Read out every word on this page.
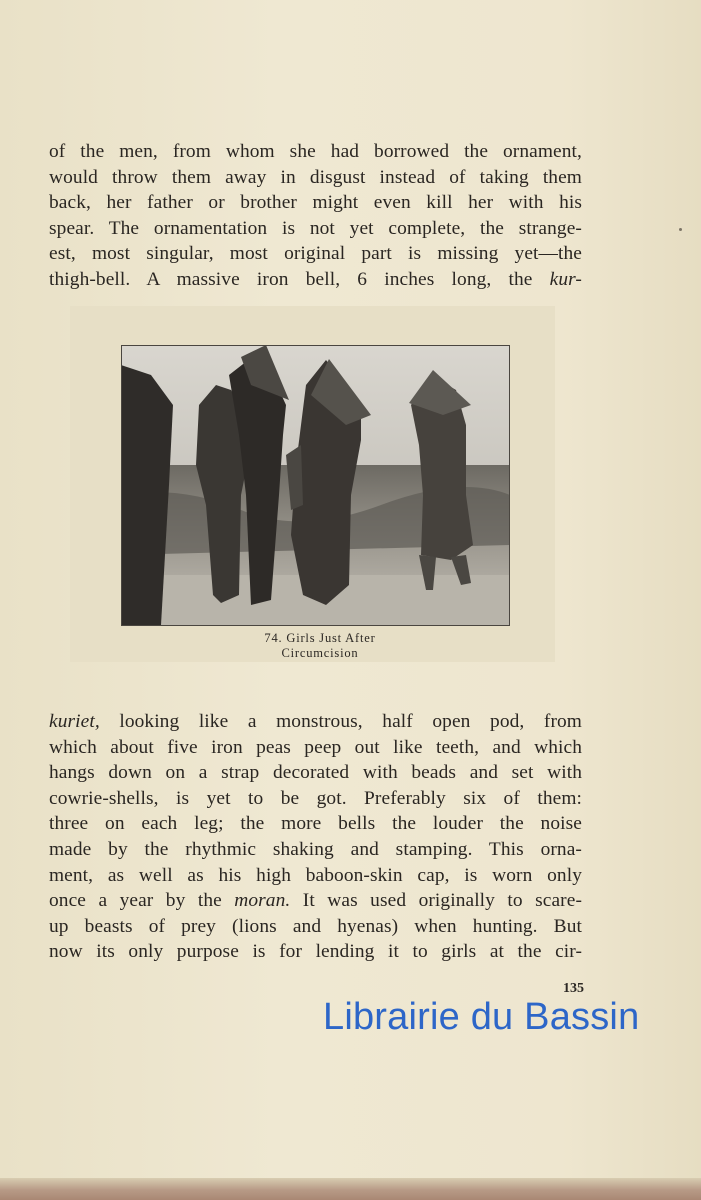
of the men, from whom she had borrowed the ornament,
would throw them away in disgust instead of taking them
back, her father or brother might even kill her with his
spear. The ornamentation is not yet complete, the strange-
est, most singular, most original part is missing yet—the
thigh-bell. A massive iron bell, 6 inches long, the kur-
74. Girls Just After
Circumcision
kuriet, looking like a monstrous, half open pod, from
which about five iron peas peep out like teeth, and which
hangs down on a strap decorated with beads and set with
cowrie-shells, is yet to be got. Preferably six of them:
three on each leg; the more bells the louder the noise
made by the rhythmic shaking and stamping. This orna-
ment, as well as his high baboon-skin cap, is worn only
once a year by the moran. It was used originally to scare-
up beasts of prey (lions and hyenas) when hunting. But
now its only purpose is for lending it to girls at the cir-
135
Librairie du Bassin
